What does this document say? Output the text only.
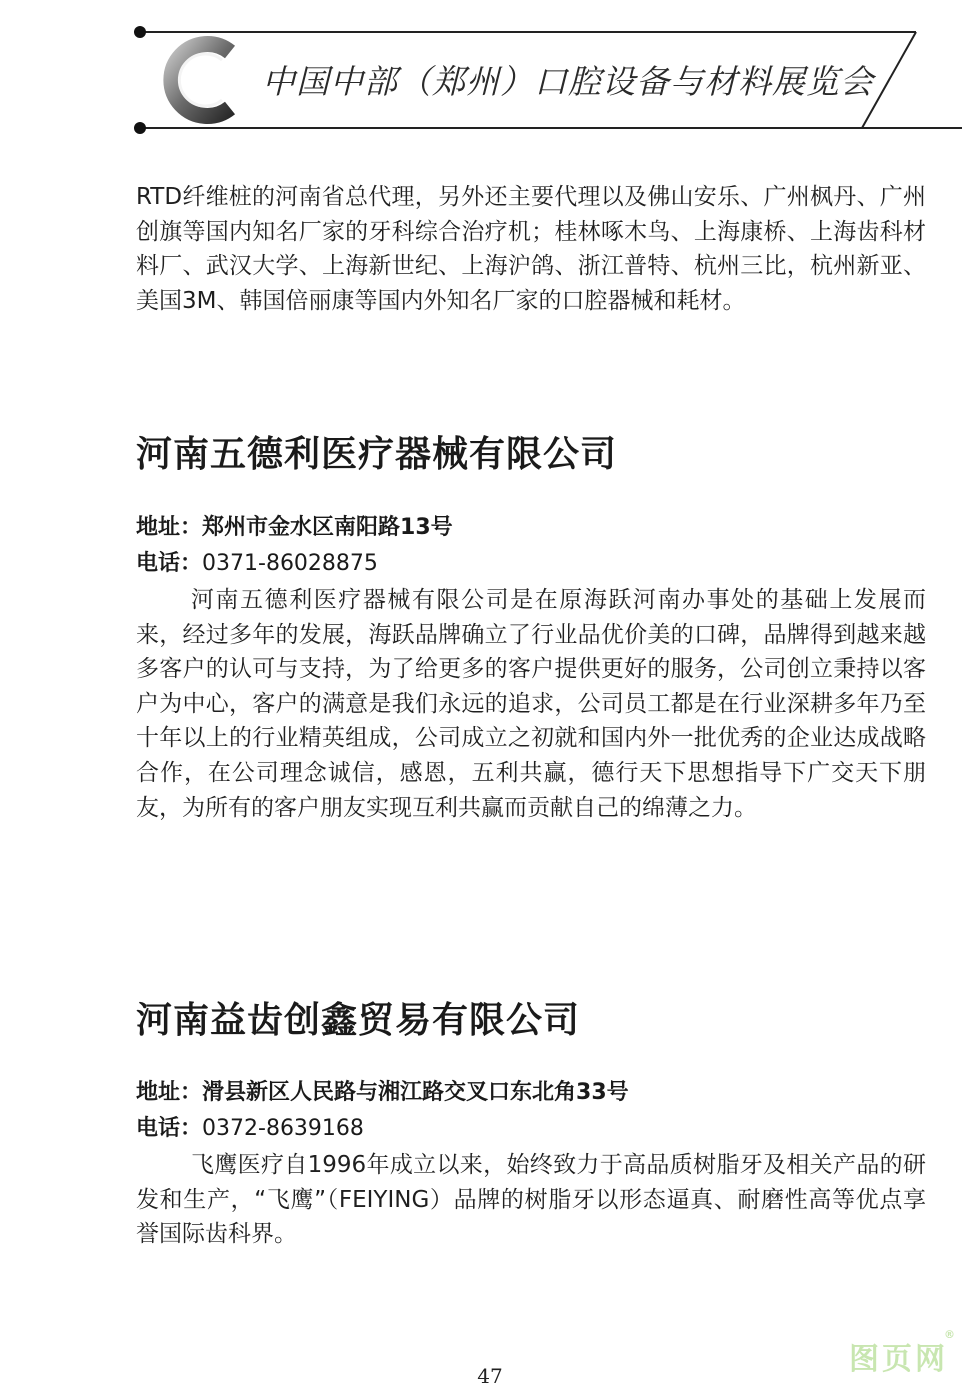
中国中部（郑州）口腔设备与材料展览会

RTD纤维桩的河南省总代理，另外还主要代理以及佛山安乐、广州枫丹、广州创旗等国内知名厂家的牙科综合治疗机；桂林啄木鸟、上海康桥、上海齿科材料厂、武汉大学、上海新世纪、上海沪鸽、浙江普特、杭州三比，杭州新亚、美国3M、韩国倍丽康等国内外知名厂家的口腔器械和耗材。

河南五德利医疗器械有限公司
地址：郑州市金水区南阳路13号
电话：0371-86028875

河南五德利医疗器械有限公司是在原海跃河南办事处的基础上发展而来，经过多年的发展，海跃品牌确立了行业品优价美的口碑，品牌得到越来越多客户的认可与支持，为了给更多的客户提供更好的服务，公司创立秉持以客户为中心，客户的满意是我们永远的追求，公司员工都是在行业深耕多年乃至十年以上的行业精英组成，公司成立之初就和国内外一批优秀的企业达成战略合作，在公司理念诚信，感恩，五利共赢，德行天下思想指导下广交天下朋友，为所有的客户朋友实现互利共赢而贡献自己的绵薄之力。

河南益齿创鑫贸易有限公司
地址：滑县新区人民路与湘江路交叉口东北角33号
电话：0372-8639168

飞鹰医疗自1996年成立以来，始终致力于高品质树脂牙及相关产品的研发和生产，“飞鹰”（FEIYING）品牌的树脂牙以形态逼真、耐磨性高等优点享誉国际齿科界。

47	图页网®
